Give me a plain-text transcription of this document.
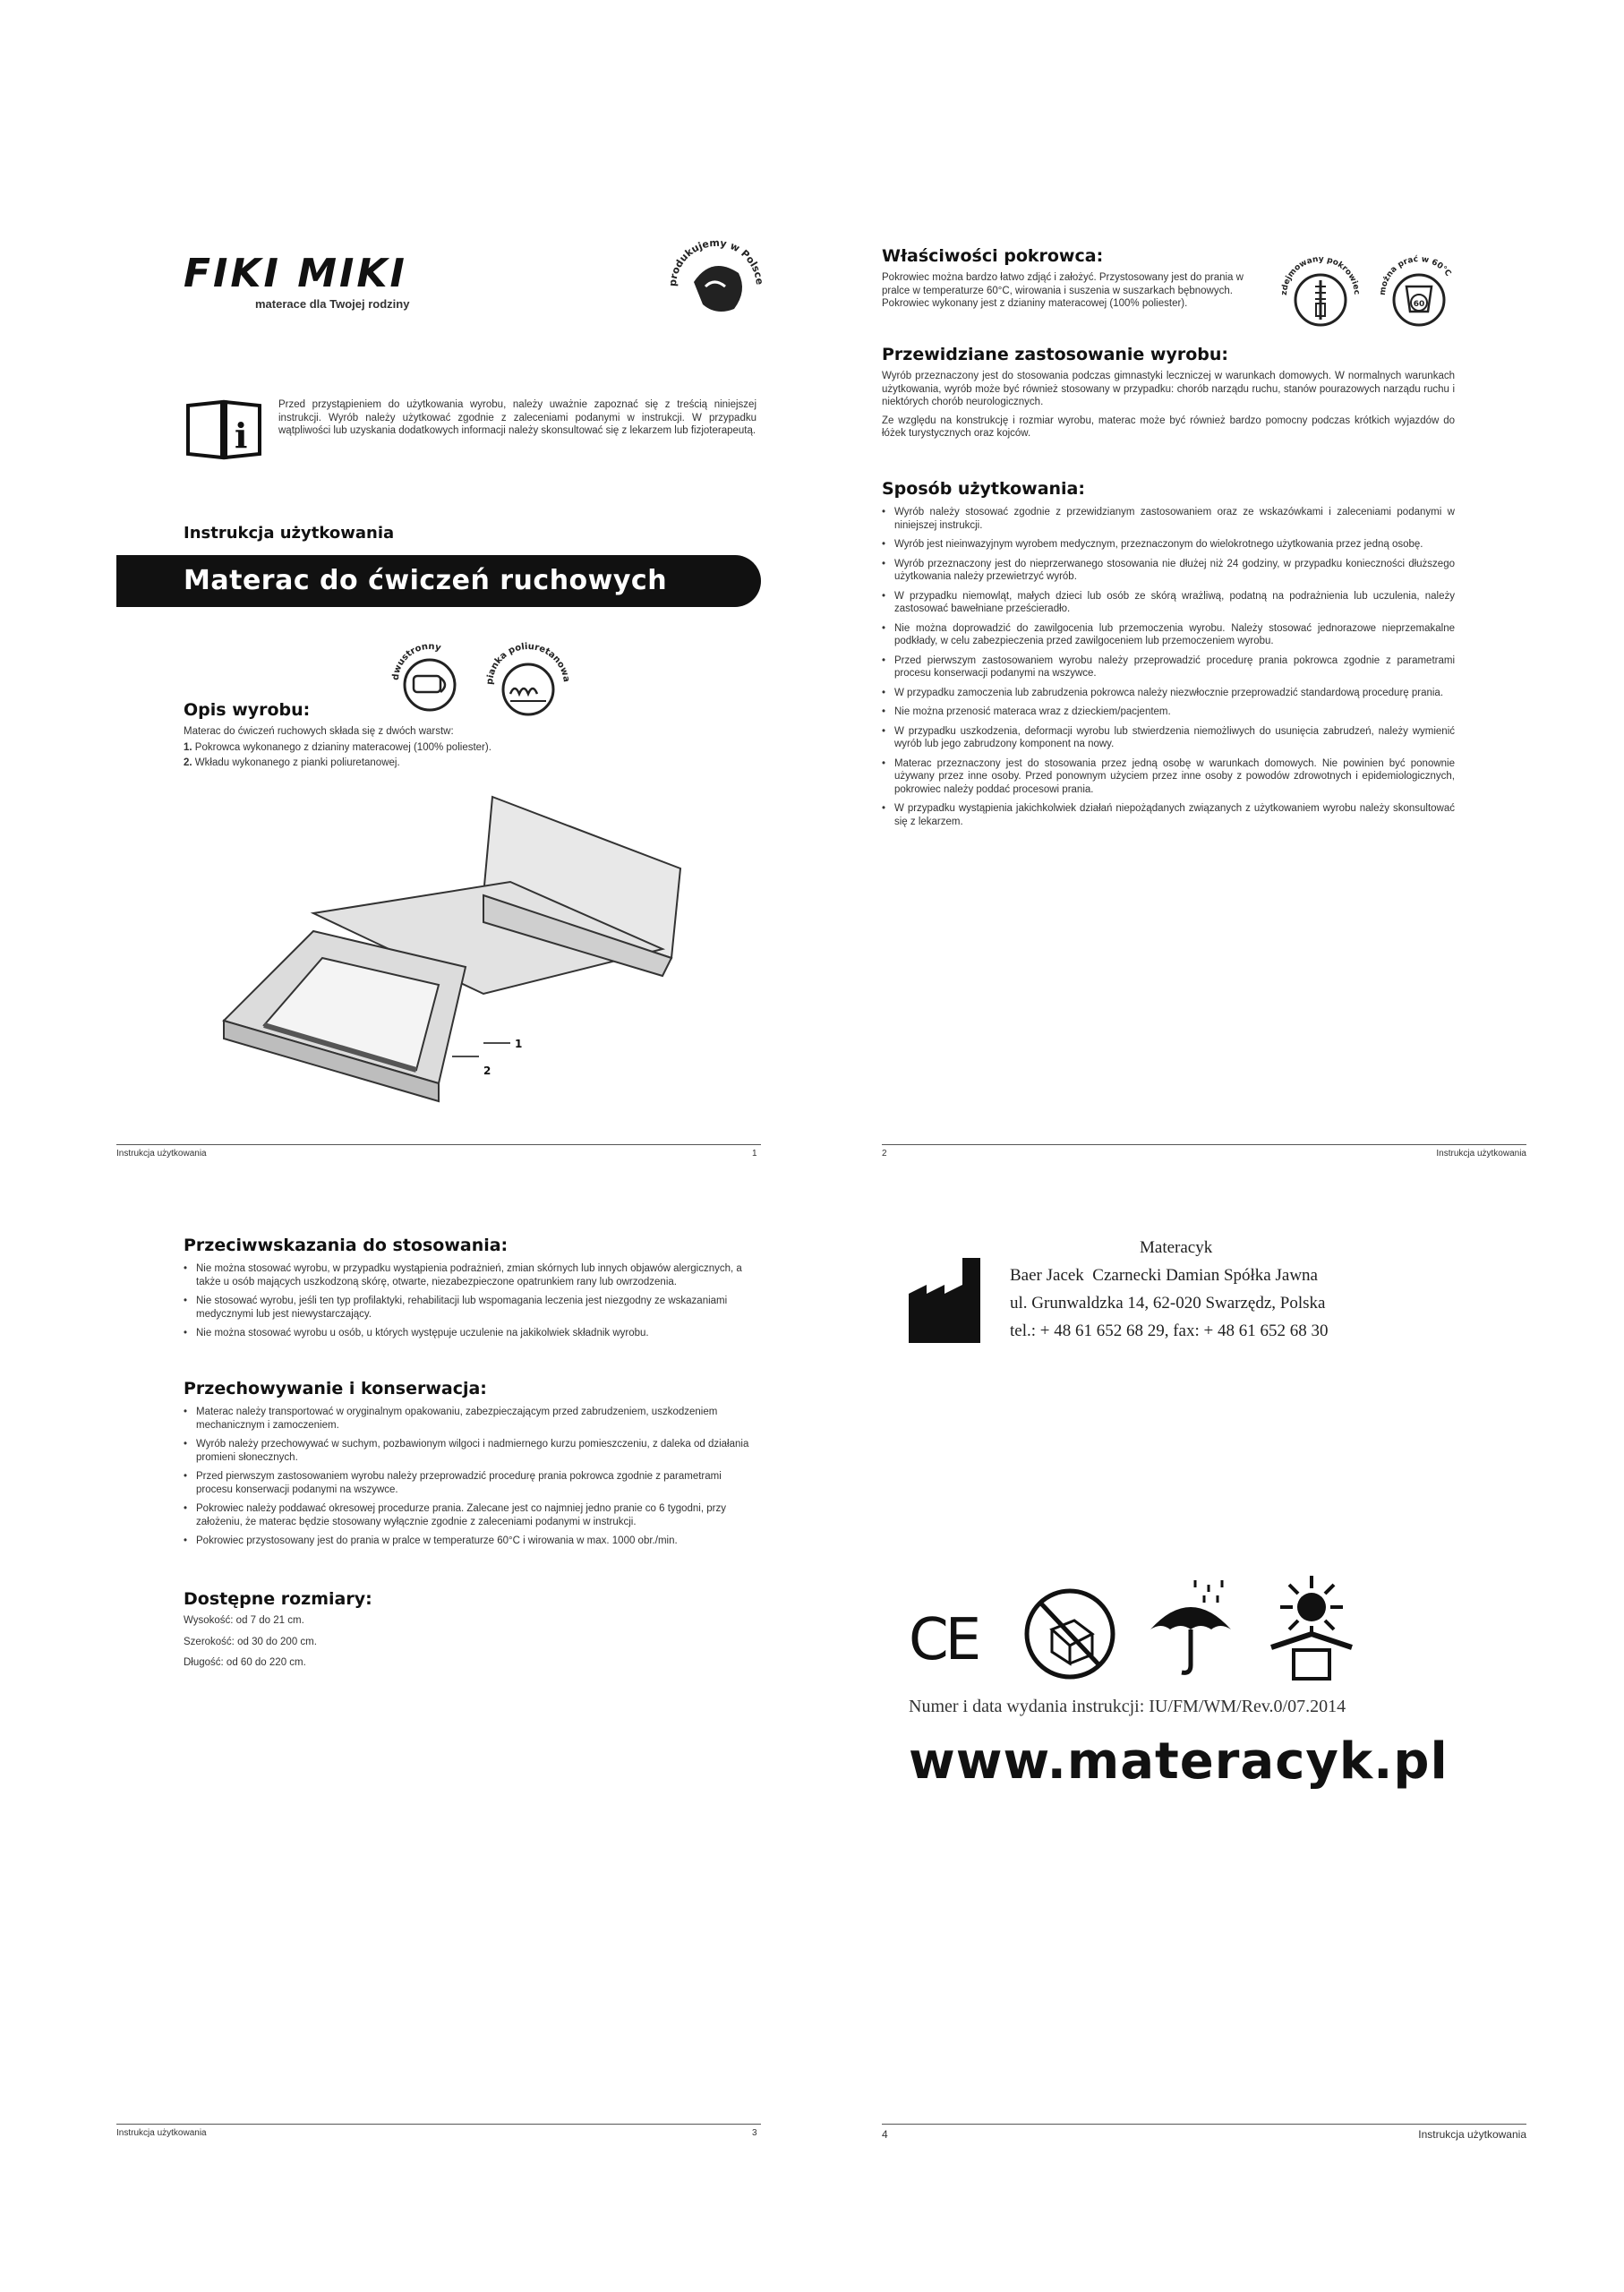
FIKI MIKI
materace dla Twojej rodziny
produkujemy w Polsce
i
Przed przystąpieniem do użytkowania wyrobu, należy uważnie zapoznać się z treścią niniejszej instrukcji. Wyrób należy użytkować zgodnie z zaleceniami podanymi w instrukcji. W przypadku wątpliwości lub uzyskania dodatkowych informacji należy skonsultować się z lekarzem lub fizjoterapeutą.
Instrukcja użytkowania
Materac do ćwiczeń ruchowych
dwustronny
pianka poliuretanowa
Opis wyrobu:
Materac do ćwiczeń ruchowych składa się z dwóch warstw:
1. Pokrowca wykonanego z dzianiny materacowej (100% poliester).
2. Wkładu wykonanego z pianki poliuretanowej.
1
2
Instrukcja użytkowania	1
Właściwości pokrowca:
Pokrowiec można bardzo łatwo zdjąć i założyć. Przystosowany jest do prania w pralce w temperaturze 60°C, wirowania i suszenia w suszarkach bębnowych. Pokrowiec wykonany jest z dzianiny materacowej (100% poliester).
zdejmowany pokrowiec można prać w 60°C
60
Przewidziane zastosowanie wyrobu:
Wyrób przeznaczony jest do stosowania podczas gimnastyki leczniczej w warunkach domowych. W normalnych warunkach użytkowania, wyrób może być również stosowany w przypadku: chorób narządu ruchu, stanów pourazowych narządu ruchu i niektórych chorób neurologicznych.
Ze względu na konstrukcję i rozmiar wyrobu, materac może być również bardzo pomocny podczas krótkich wyjazdów do łóżek turystycznych oraz kojców.
Sposób użytkowania:
• Wyrób należy stosować zgodnie z przewidzianym zastosowaniem oraz ze wskazówkami i zaleceniami podanymi w niniejszej instrukcji.
• Wyrób jest nieinwazyjnym wyrobem medycznym, przeznaczonym do wielokrotnego użytkowania przez jedną osobę.
• Wyrób przeznaczony jest do nieprzerwanego stosowania nie dłużej niż 24 godziny, w przypadku konieczności dłuższego użytkowania należy przewietrzyć wyrób.
• W przypadku niemowląt, małych dzieci lub osób ze skórą wrażliwą, podatną na podrażnienia lub uczulenia, należy zastosować bawełniane prześcieradło.
• Nie można doprowadzić do zawilgocenia lub przemoczenia wyrobu. Należy stosować jednorazowe nieprzemakalne podkłady, w celu zabezpieczenia przed zawilgoceniem lub przemoczeniem wyrobu.
• Przed pierwszym zastosowaniem wyrobu należy przeprowadzić procedurę prania pokrowca zgodnie z parametrami procesu konserwacji podanymi na wszywce.
• W przypadku zamoczenia lub zabrudzenia pokrowca należy niezwłocznie przeprowadzić standardową procedurę prania.
• Nie można przenosić materaca wraz z dzieckiem/pacjentem.
• W przypadku uszkodzenia, deformacji wyrobu lub stwierdzenia niemożliwych do usunięcia zabrudzeń, należy wymienić wyrób lub jego zabrudzony komponent na nowy.
• Materac przeznaczony jest do stosowania przez jedną osobę w warunkach domowych. Nie powinien być ponownie używany przez inne osoby. Przed ponownym użyciem przez inne osoby z powodów zdrowotnych i epidemiologicznych, pokrowiec należy poddać procesowi prania.
• W przypadku wystąpienia jakichkolwiek działań niepożądanych związanych z użytkowaniem wyrobu należy skonsultować się z lekarzem.
2	Instrukcja użytkowania
Przeciwwskazania do stosowania:
• Nie można stosować wyrobu, w przypadku wystąpienia podrażnień, zmian skórnych lub innych objawów alergicznych, a także u osób mających uszkodzoną skórę, otwarte, niezabezpieczone opatrunkiem rany lub owrzodzenia.
• Nie stosować wyrobu, jeśli ten typ profilaktyki, rehabilitacji lub wspomagania leczenia jest niezgodny ze wskazaniami medycznymi lub jest niewystarczający.
• Nie można stosować wyrobu u osób, u których występuje uczulenie na jakikolwiek składnik wyrobu.
Przechowywanie i konserwacja:
• Materac należy transportować w oryginalnym opakowaniu, zabezpieczającym przed zabrudzeniem, uszkodzeniem mechanicznym i zamoczeniem.
• Wyrób należy przechowywać w suchym, pozbawionym wilgoci i nadmiernego kurzu pomieszczeniu, z daleka od działania promieni słonecznych.
• Przed pierwszym zastosowaniem wyrobu należy przeprowadzić procedurę prania pokrowca zgodnie z parametrami procesu konserwacji podanymi na wszywce.
• Pokrowiec należy poddawać okresowej procedurze prania. Zalecane jest co najmniej jedno pranie co 6 tygodni, przy założeniu, że materac będzie stosowany wyłącznie zgodnie z zaleceniami podanymi w instrukcji.
• Pokrowiec przystosowany jest do prania w pralce w temperaturze 60°C i wirowania w max. 1000 obr./min.
Dostępne rozmiary:
Wysokość: od 7 do 21 cm.
Szerokość: od 30 do 200 cm.
Długość: od 60 do 220 cm.
Instrukcja użytkowania	3
Materacyk
Baer Jacek  Czarnecki Damian Spółka Jawna
ul. Grunwaldzka 14, 62-020 Swarzędz, Polska
tel.: + 48 61 652 68 29, fax: + 48 61 652 68 30
CE
Numer i data wydania instrukcji: IU/FM/WM/Rev.0/07.2014
www.materacyk.pl
4	Instrukcja użytkowania
